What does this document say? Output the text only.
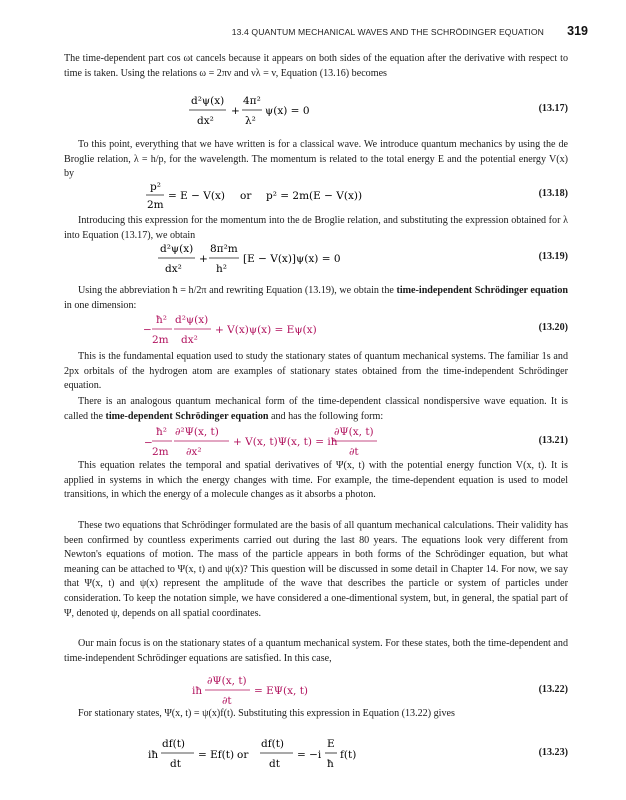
13.4 QUANTUM MECHANICAL WAVES AND THE SCHRÖDINGER EQUATION 319
The time-dependent part cos ωt cancels because it appears on both sides of the equation after the derivative with respect to time is taken. Using the relations ω = 2πν and νλ = v, Equation (13.16) becomes
d²ψ(x)
dx²
+
4π²
λ²
ψ(x) = 0	(13.17)
To this point, everything that we have written is for a classical wave. We introduce quantum mechanics by using the de Broglie relation, λ = h/p, for the wavelength. The momentum is related to the total energy E and the potential energy V(x) by
p²
2m
= E − V(x) or p² = 2m(E − V(x))	(13.18)
Introducing this expression for the momentum into the de Broglie relation, and substituting the expression obtained for λ into Equation (13.17), we obtain
d²ψ(x)
dx²
+
8π²m
h²
[E − V(x)]ψ(x) = 0	(13.19)
Using the abbreviation ħ = h/2π and rewriting Equation (13.19), we obtain the time-independent Schrödinger equation in one dimension:
−
ħ²
2m
d²ψ(x)
dx²
+ V(x)ψ(x) = Eψ(x)	(13.20)
This is the fundamental equation used to study the stationary states of quantum mechanical systems. The familiar 1s and 2px orbitals of the hydrogen atom are examples of stationary states obtained from the time-independent Schrödinger equation.
There is an analogous quantum mechanical form of the time-dependent classical nondispersive wave equation. It is called the time-dependent Schrödinger equation and has the following form:
−
ħ²
2m
∂²Ψ(x, t)
∂x²
+ V(x, t)Ψ(x, t) = iħ
∂Ψ(x, t)
∂t
(13.21)
This equation relates the temporal and spatial derivatives of Ψ(x, t) with the potential energy function V(x, t). It is applied in systems in which the energy changes with time. For example, the time-dependent equation is used to model transitions, in which the energy of a molecule changes as it absorbs a photon.
These two equations that Schrödinger formulated are the basis of all quantum mechanical calculations. Their validity has been confirmed by countless experiments carried out during the last 80 years. The equations look very different from Newton's equations of motion. The mass of the particle appears in both forms of the Schrödinger equation, but what meaning can be attached to Ψ(x, t) and ψ(x)? This question will be discussed in some detail in Chapter 14. For now, we say that Ψ(x, t) and ψ(x) represent the amplitude of the wave that describes the particle or system of particles under consideration. To keep the notation simple, we have considered a one-dimentional system, but, in general, the spatial part of Ψ, denoted ψ, depends on all spatial coordinates.
Our main focus is on the stationary states of a quantum mechanical system. For these states, both the time-dependent and time-independent Schrödinger equations are satisfied. In this case,
iħ
∂Ψ(x, t)
∂t
= EΨ(x, t)	(13.22)
For stationary states, Ψ(x, t) = ψ(x)f(t). Substituting this expression in Equation (13.22) gives
iħ
df(t)
dt
= Ef(t) or
df(t)
dt
= −i
E
ħ
f(t)	(13.23)
